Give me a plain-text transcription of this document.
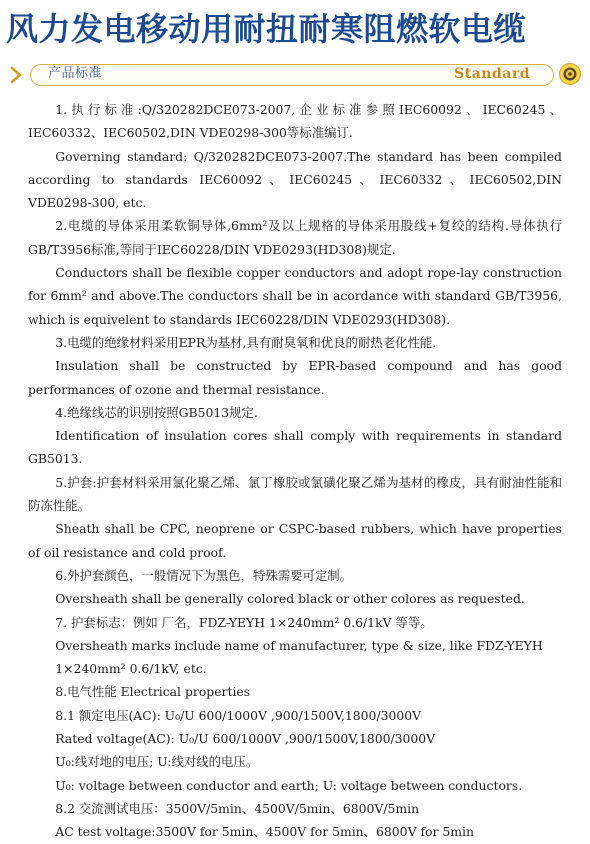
风力发电移动用耐扭耐寒阻燃软电缆
产品标准	Standard

1.执行标准:Q/320282DCE073-2007,企业标准参照IEC60092、IEC60245、IEC60332、IEC60502,DIN VDE0298-300等标准编订.

Governing standard: Q/320282DCE073-2007.The standard has been compiled according to standards IEC60092、IEC60245、IEC60332、IEC60502,DIN VDE0298-300, etc.

2.电缆的导体采用柔软铜导体,6mm²及以上规格的导体采用股线+复绞的结构.导体执行GB/T3956标准,等同于IEC60228/DIN VDE0293(HD308)规定.

Conductors shall be flexible copper conductors and adopt rope-lay construction for 6mm² and above.The conductors shall be in acordance with standard GB/T3956, which is equivelent to standards IEC60228/DIN VDE0293(HD308).

3.电缆的绝缘材料采用EPR为基材,具有耐臭氧和优良的耐热老化性能.

Insulation shall be constructed by EPR-based compound and has good performances of ozone and thermal resistance.

4.绝缘线芯的识别按照GB5013规定.

Identification of insulation cores shall comply with requirements in standard GB5013.

5.护套:护套材料采用氯化聚乙烯、氯丁橡胶或氯磺化聚乙烯为基材的橡皮，具有耐油性能和防冻性能。

Sheath shall be CPC, neoprene or CSPC-based rubbers, which have properties of oil resistance and cold proof.

6.外护套颜色，一般情况下为黑色，特殊需要可定制。

Oversheath shall be generally colored black or other colores as requested.

7. 护套标志：例如 厂名，FDZ-YEYH 1×240mm² 0.6/1kV 等等。

Oversheath marks include name of manufacturer, type & size, like FDZ-YEYH

1×240mm² 0.6/1kV, etc.

8.电气性能 Electrical properties

8.1 额定电压(AC): U₀/U 600/1000V ,900/1500V,1800/3000V

Rated voltage(AC): U₀/U 600/1000V ,900/1500V,1800/3000V

U₀:线对地的电压; U:线对线的电压。

U₀: voltage between conductor and earth; U: voltage between conductors.

8.2 交流测试电压：3500V/5min、4500V/5min、6800V/5min

AC test voltage:3500V for 5min、4500V for 5min、6800V for 5min
